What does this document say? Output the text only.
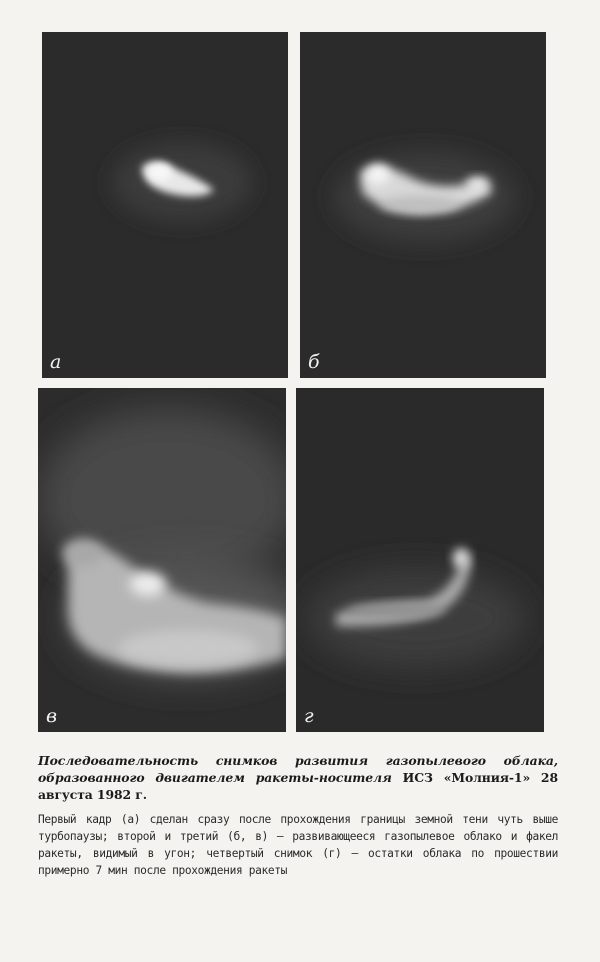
а	б
в	г

Последовательность снимков развития газопылевого облака, образованного двигателем ракеты-носителя ИСЗ «Молния-1» 28 августа 1982 г.

Первый кадр (а) сделан сразу после прохождения границы земной тени чуть выше турбопаузы; второй и третий (б, в) — развивающееся газопылевое облако и факел ракеты, видимый в угон; четвертый снимок (г) — остатки облака по прошествии примерно 7 мин после прохождения ракеты
